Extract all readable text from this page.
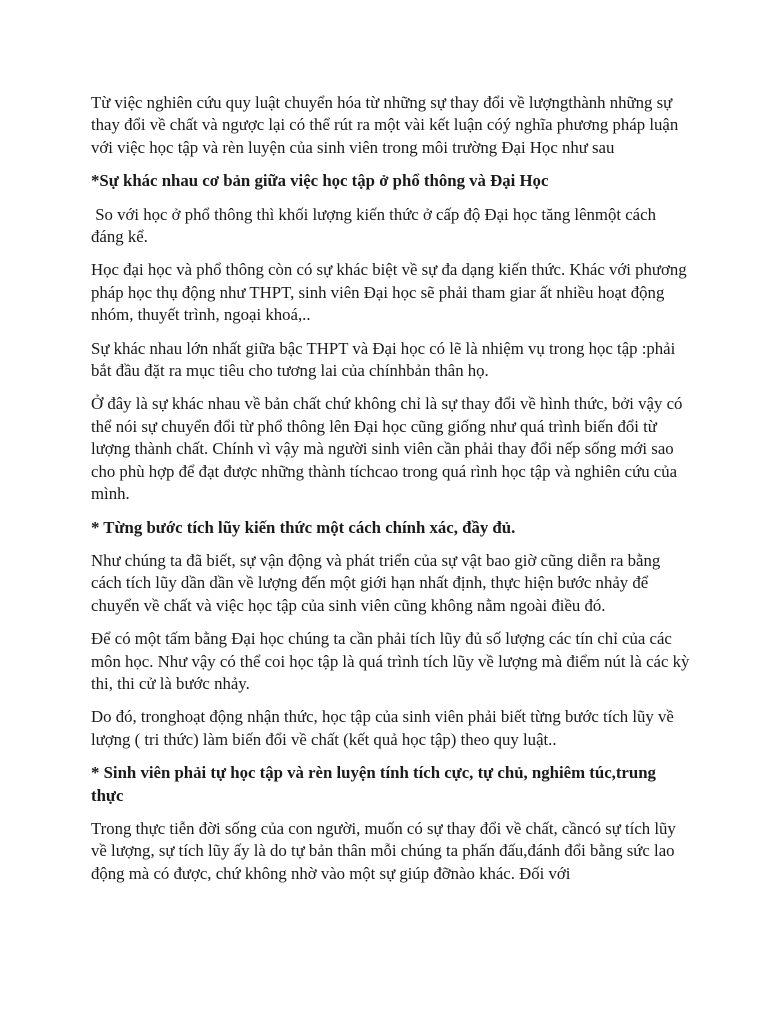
Từ việc nghiên cứu quy luật chuyển hóa từ những sự thay đổi về lượngthành những sự thay đổi về chất và ngược lại có thể rút ra một vài kết luận cóý nghĩa phương pháp luận với việc học tập và rèn luyện của sinh viên trong môi trường Đại Học như sau

*Sự khác nhau cơ bản giữa việc học tập ở phổ thông và Đại Học

So với học ở phổ thông thì khối lượng kiến thức ở cấp độ Đại học tăng lênmột cách đáng kể.

Học đại học và phổ thông còn có sự khác biệt về sự đa dạng kiến thức. Khác với phương pháp học thụ động như THPT, sinh viên Đại học sẽ phải tham giar ất nhiều hoạt động nhóm, thuyết trình, ngoại khoá,..

Sự khác nhau lớn nhất giữa bậc THPT và Đại học có lẽ là nhiệm vụ trong học tập :phải bắt đầu đặt ra mục tiêu cho tương lai của chínhbản thân họ.

Ở đây là sự khác nhau về bản chất chứ không chỉ là sự thay đổi về hình thức, bởi vậy có thể nói sự chuyển đổi từ phổ thông lên Đại học cũng giống như quá trình biến đổi từ lượng thành chất. Chính vì vậy mà người sinh viên cần phải thay đổi nếp sống mới sao cho phù hợp để đạt được những thành tíchcao trong quá rình học tập và nghiên cứu của mình.

* Từng bước tích lũy kiến thức một cách chính xác, đầy đủ.

Như chúng ta đã biết, sự vận động và phát triển của sự vật bao giờ cũng diễn ra bằng cách tích lũy dần dần về lượng đến một giới hạn nhất định, thực hiện bước nhảy để chuyển về chất và việc học tập của sinh viên cũng không nằm ngoài điều đó.

Để có một tấm bằng Đại học chúng ta cần phải tích lũy đủ số lượng các tín chỉ của các môn học. Như vậy có thể coi học tập là quá trình tích lũy về lượng mà điểm nút là các kỳ thi, thi cử là bước nhảy.

Do đó, tronghoạt động nhận thức, học tập của sinh viên phải biết từng bước tích lũy về lượng ( tri thức) làm biến đổi về chất (kết quả học tập) theo quy luật..

* Sinh viên phải tự học tập và rèn luyện tính tích cực, tự chủ, nghiêm túc,trung thực

Trong thực tiễn đời sống của con người, muốn có sự thay đổi về chất, cầncó sự tích lũy về lượng, sự tích lũy ấy là do tự bản thân mỗi chúng ta phấn đấu,đánh đổi bằng sức lao động mà có được, chứ không nhờ vào một sự giúp đỡnào khác. Đối với
